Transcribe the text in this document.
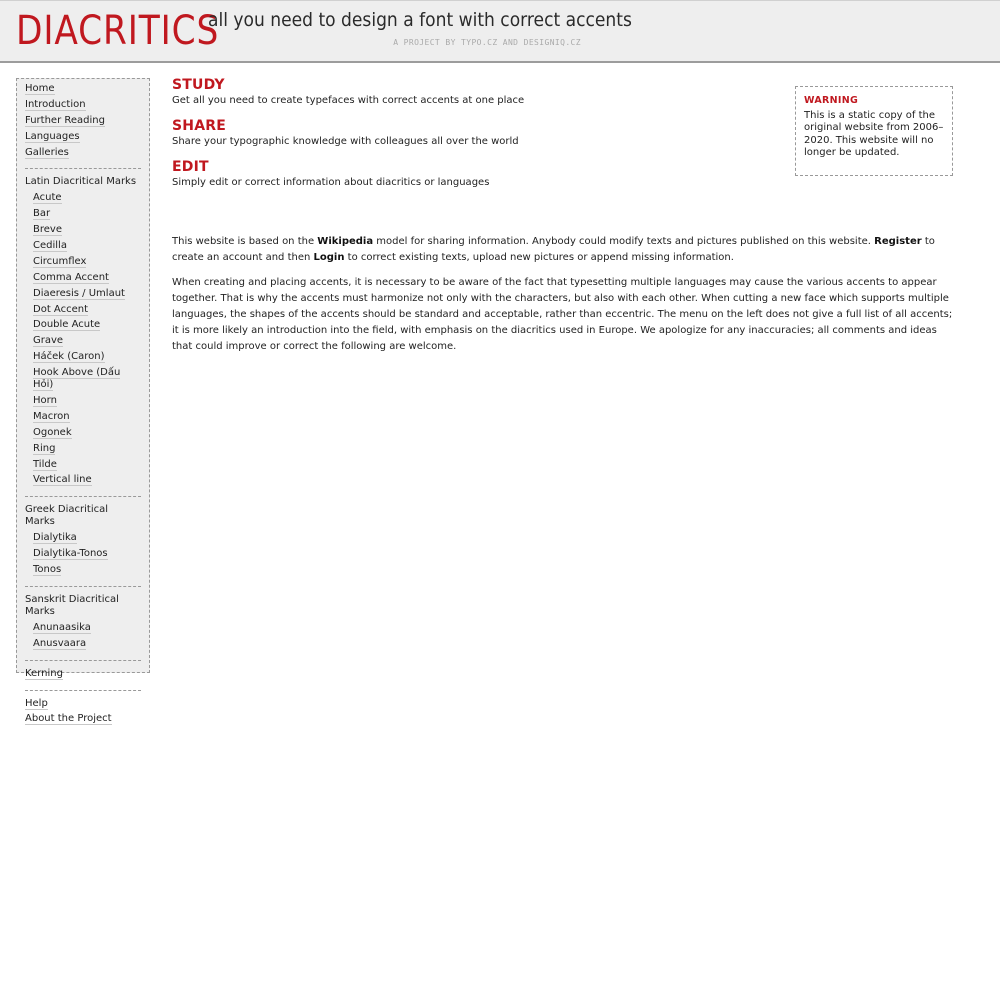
DIACRITICS
all you need to design a font with correct accents
A PROJECT BY TYPO.CZ AND DESIGNIQ.CZ
Home
Introduction
Further Reading
Languages
Galleries
Latin Diacritical Marks
Acute
Bar
Breve
Cedilla
Circumflex
Comma Accent
Diaeresis / Umlaut
Dot Accent
Double Acute
Grave
Háček (Caron)
Hook Above (Dấu Hỏi)
Horn
Macron
Ogonek
Ring
Tilde
Vertical line
Greek Diacritical Marks
Dialytika
Dialytika-Tonos
Tonos
Sanskrit Diacritical Marks
Anunaasika
Anusvaara
Kerning
Help
About the Project
STUDY
Get all you need to create typefaces with correct accents at one place
SHARE
Share your typographic knowledge with colleagues all over the world
EDIT
Simply edit or correct information about diacritics or languages

This website is based on the Wikipedia model for sharing information. Anybody could modify texts and pictures published on this website. Register to create an account and then Login to correct existing texts, upload new pictures or append missing information.

When creating and placing accents, it is necessary to be aware of the fact that typesetting multiple languages may cause the various accents to appear together. That is why the accents must harmonize not only with the characters, but also with each other. When cutting a new face which supports multiple languages, the shapes of the accents should be standard and acceptable, rather than eccentric. The menu on the left does not give a full list of all accents; it is more likely an introduction into the field, with emphasis on the diacritics used in Europe. We apologize for any inaccuracies; all comments and ideas that could improve or correct the following are welcome.

WARNING
This is a static copy of the original website from 2006–2020. This website will no longer be updated.
